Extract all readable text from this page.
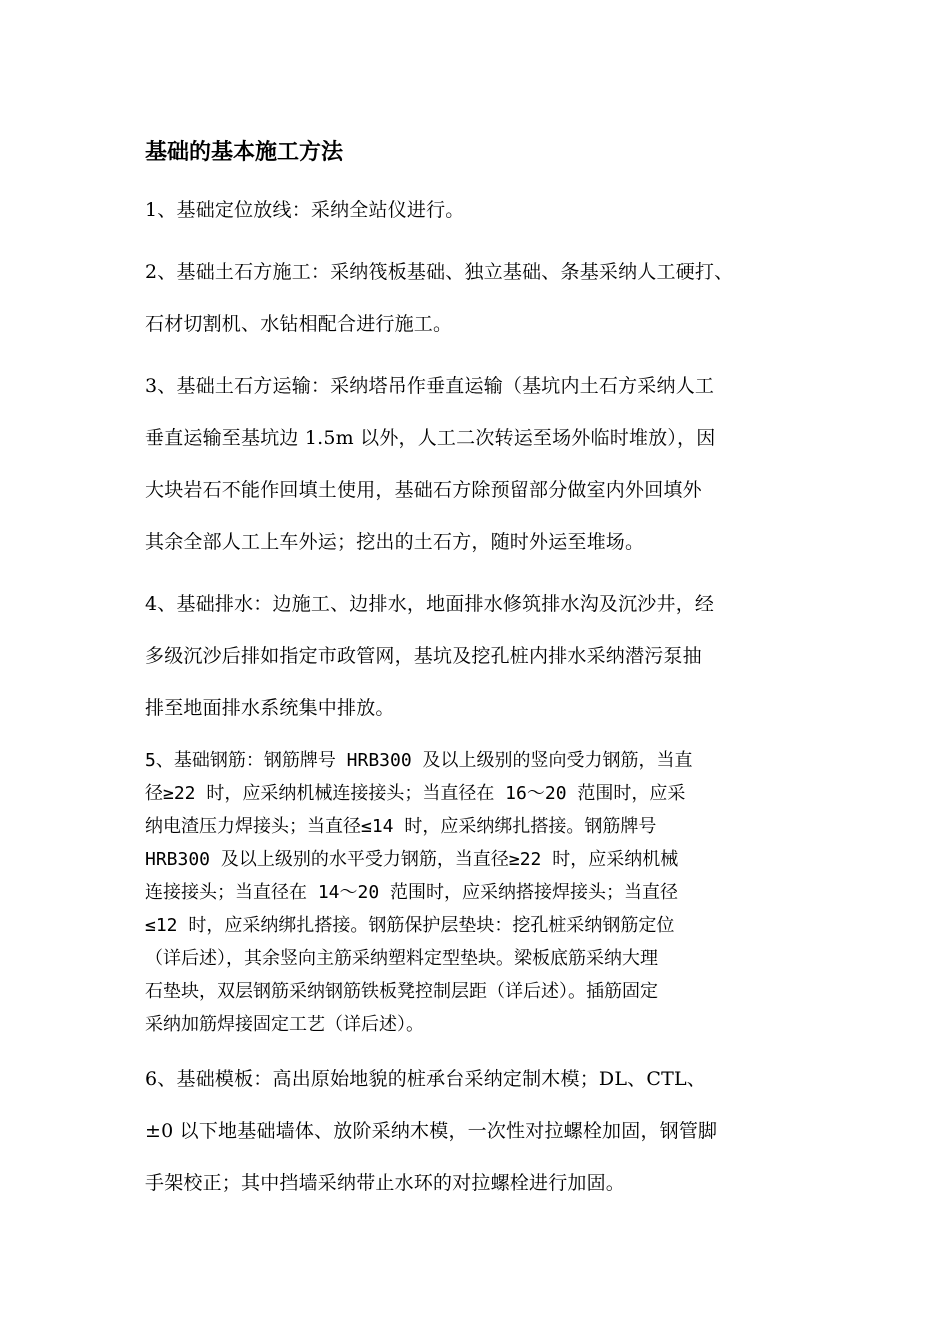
基础的基本施工方法

1、基础定位放线：采纳全站仪进行。

2、基础土石方施工：采纳筏板基础、独立基础、条基采纳人工硬打、
石材切割机、水钻相配合进行施工。

3、基础土石方运输：采纳塔吊作垂直运输（基坑内土石方采纳人工
垂直运输至基坑边 1.5m 以外，人工二次转运至场外临时堆放），因
大块岩石不能作回填土使用，基础石方除预留部分做室内外回填外
其余全部人工上车外运；挖出的土石方，随时外运至堆场。

4、基础排水：边施工、边排水，地面排水修筑排水沟及沉沙井，经
多级沉沙后排如指定市政管网，基坑及挖孔桩内排水采纳潜污泵抽
排至地面排水系统集中排放。

5、基础钢筋：钢筋牌号 HRB300 及以上级别的竖向受力钢筋，当直
径≥22 时，应采纳机械连接接头；当直径在 16～20 范围时，应采
纳电渣压力焊接头；当直径≤14 时，应采纳绑扎搭接。钢筋牌号
HRB300 及以上级别的水平受力钢筋，当直径≥22 时，应采纳机械
连接接头；当直径在 14～20 范围时，应采纳搭接焊接头；当直径
≤12 时，应采纳绑扎搭接。钢筋保护层垫块：挖孔桩采纳钢筋定位
（详后述），其余竖向主筋采纳塑料定型垫块。梁板底筋采纳大理
石垫块，双层钢筋采纳钢筋铁板凳控制层距（详后述）。插筋固定
采纳加筋焊接固定工艺（详后述）。

6、基础模板：高出原始地貌的桩承台采纳定制木模；DL、CTL、
±0 以下地基础墙体、放阶采纳木模，一次性对拉螺栓加固，钢管脚
手架校正；其中挡墙采纳带止水环的对拉螺栓进行加固。
